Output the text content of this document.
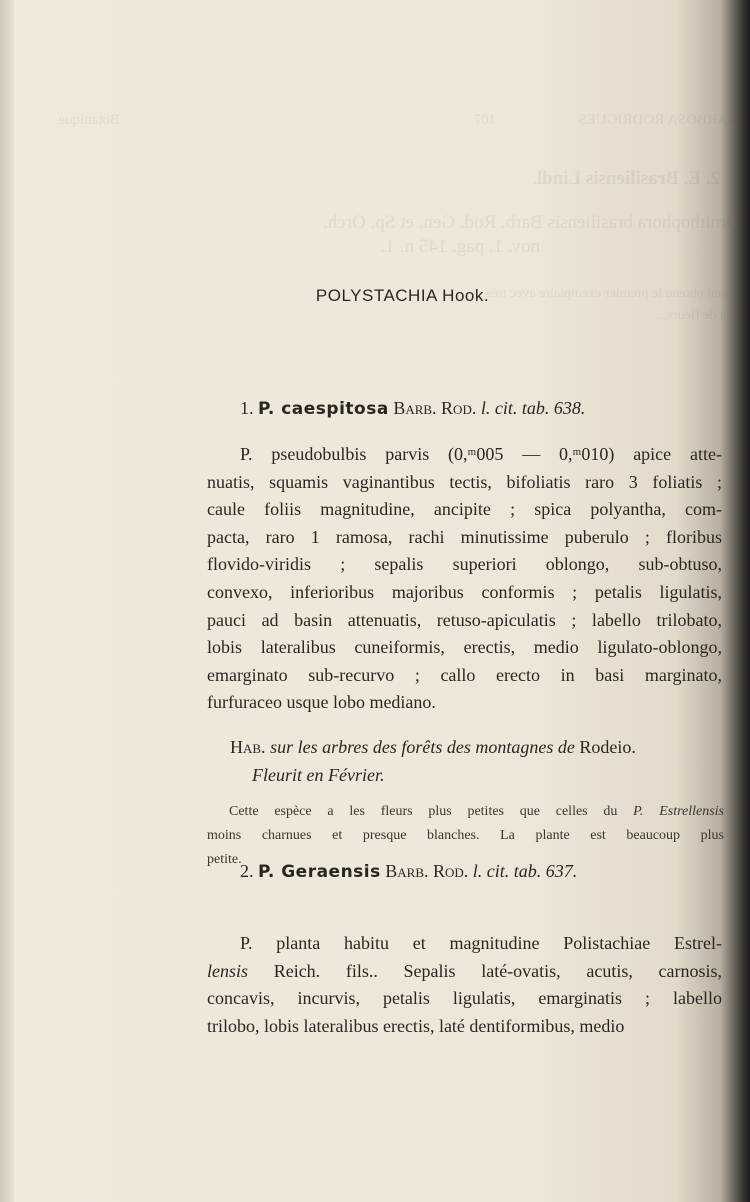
Botanique	107	BARBOSA RODRIGUES
2. E. Brasiliensis Lindl.
Ornithophora brasiliensis Barb. Rod. Gen. et Sp. Orch.
nov. 1. pag. 145 n. 1.
Ayant obtenu le premier exemplaire avec trés
peu de fleurs...
POLYSTACHIA Hook.
1. P. caespitosa Barb. Rod. l. cit. tab. 638.
P. pseudobulbis parvis (0,ᵐ005 — 0,ᵐ010) apice atte-
nuatis, squamis vaginantibus tectis, bifoliatis raro 3 foliatis ;
caule foliis magnitudine, ancipite ; spica polyantha, com-
pacta, raro 1 ramosa, rachi minutissime puberulo ; floribus
flovido-viridis ; sepalis superiori oblongo, sub-obtuso,
convexo, inferioribus majoribus conformis ; petalis ligulatis,
pauci ad basin attenuatis, retuso-apiculatis ; labello trilobato,
lobis lateralibus cuneiformis, erectis, medio ligulato-oblongo,
emarginato sub-recurvo ; callo erecto in basi marginato,
furfuraceo usque lobo mediano.
Hab. sur les arbres des forêts des montagnes de Rodeio.
Fleurit en Février.
Cette espèce a les fleurs plus petites que celles du P. Estrellensis
moins charnues et presque blanches. La plante est beaucoup plus
petite.
2. P. Geraensis Barb. Rod. l. cit. tab. 637.
P. planta habitu et magnitudine Polistachiae Estrel-
lensis Reich. fils.. Sepalis laté-ovatis, acutis, carnosis,
concavis, incurvis, petalis ligulatis, emarginatis ; labello
trilobo, lobis lateralibus erectis, laté dentiformibus, medio
